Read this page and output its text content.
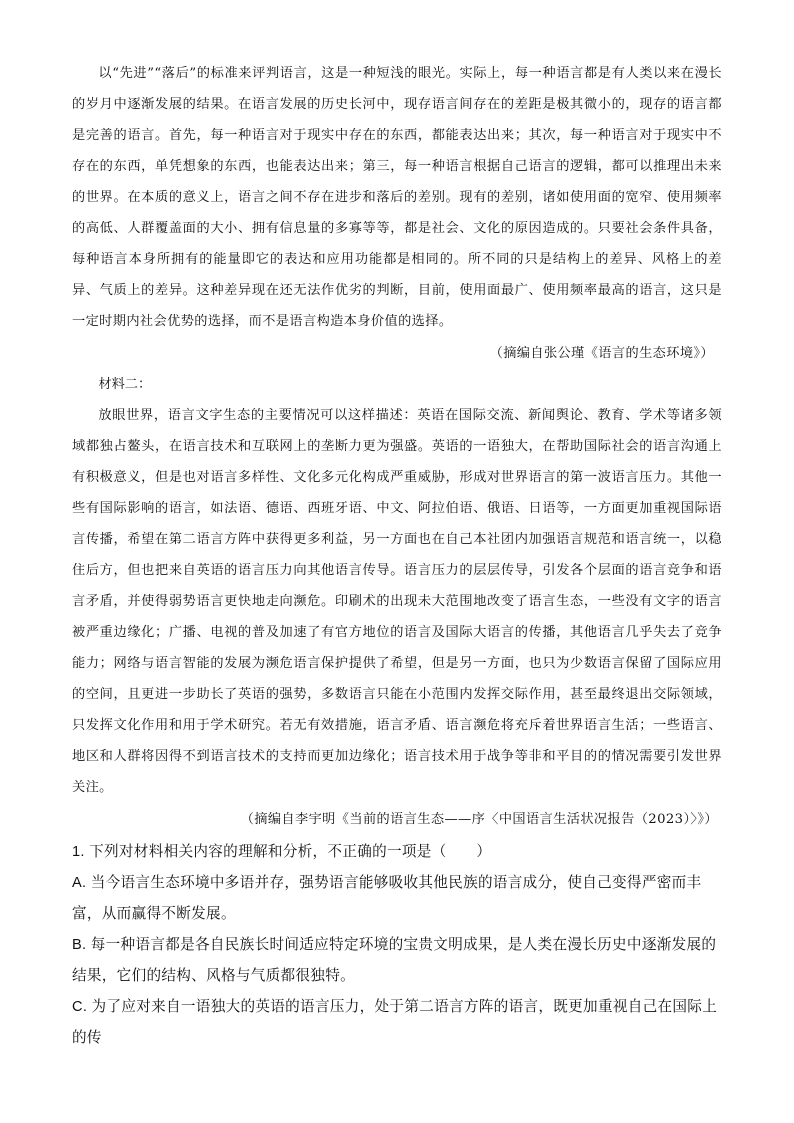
以“先进”“落后”的标准来评判语言，这是一种短浅的眼光。实际上，每一种语言都是有人类以来在漫长的岁月中逐渐发展的结果。在语言发展的历史长河中，现存语言间存在的差距是极其微小的，现存的语言都是完善的语言。首先，每一种语言对于现实中存在的东西，都能表达出来；其次，每一种语言对于现实中不存在的东西，单凭想象的东西，也能表达出来；第三，每一种语言根据自己语言的逻辑，都可以推理出未来的世界。在本质的意义上，语言之间不存在进步和落后的差别。现有的差别，诸如使用面的宽窄、使用频率的高低、人群覆盖面的大小、拥有信息量的多寡等等，都是社会、文化的原因造成的。只要社会条件具备，每种语言本身所拥有的能量即它的表达和应用功能都是相同的。所不同的只是结构上的差异、风格上的差异、气质上的差异。这种差异现在还无法作优劣的判断，目前，使用面最广、使用频率最高的语言，这只是一定时期内社会优势的选择，而不是语言构造本身价值的选择。

（摘编自张公瑾《语言的生态环境》）

材料二：

放眼世界，语言文字生态的主要情况可以这样描述：英语在国际交流、新闻舆论、教育、学术等诸多领域都独占鳌头，在语言技术和互联网上的垄断力更为强盛。英语的一语独大，在帮助国际社会的语言沟通上有积极意义，但是也对语言多样性、文化多元化构成严重威胁，形成对世界语言的第一波语言压力。其他一些有国际影响的语言，如法语、德语、西班牙语、中文、阿拉伯语、俄语、日语等，一方面更加重视国际语言传播，希望在第二语言方阵中获得更多利益，另一方面也在自己本社团内加强语言规范和语言统一，以稳住后方，但也把来自英语的语言压力向其他语言传导。语言压力的层层传导，引发各个层面的语言竞争和语言矛盾，并使得弱势语言更快地走向濒危。印刷术的出现未大范围地改变了语言生态，一些没有文字的语言被严重边缘化；广播、电视的普及加速了有官方地位的语言及国际大语言的传播，其他语言几乎失去了竞争能力；网络与语言智能的发展为濒危语言保护提供了希望，但是另一方面，也只为少数语言保留了国际应用的空间，且更进一步助长了英语的强势，多数语言只能在小范围内发挥交际作用，甚至最终退出交际领域，只发挥文化作用和用于学术研究。若无有效措施，语言矛盾、语言濒危将充斥着世界语言生活；一些语言、地区和人群将因得不到语言技术的支持而更加边缘化；语言技术用于战争等非和平目的的情况需要引发世界关注。

（摘编自李宇明《当前的语言生态——序〈中国语言生活状况报告（2023）〉》）

1. 下列对材料相关内容的理解和分析，不正确的一项是（　　）

A. 当今语言生态环境中多语并存，强势语言能够吸收其他民族的语言成分，使自己变得严密而丰富，从而赢得不断发展。

B. 每一种语言都是各自民族长时间适应特定环境的宝贵文明成果，是人类在漫长历史中逐渐发展的结果，它们的结构、风格与气质都很独特。

C. 为了应对来自一语独大的英语的语言压力，处于第二语言方阵的语言，既更加重视自己在国际上的传
